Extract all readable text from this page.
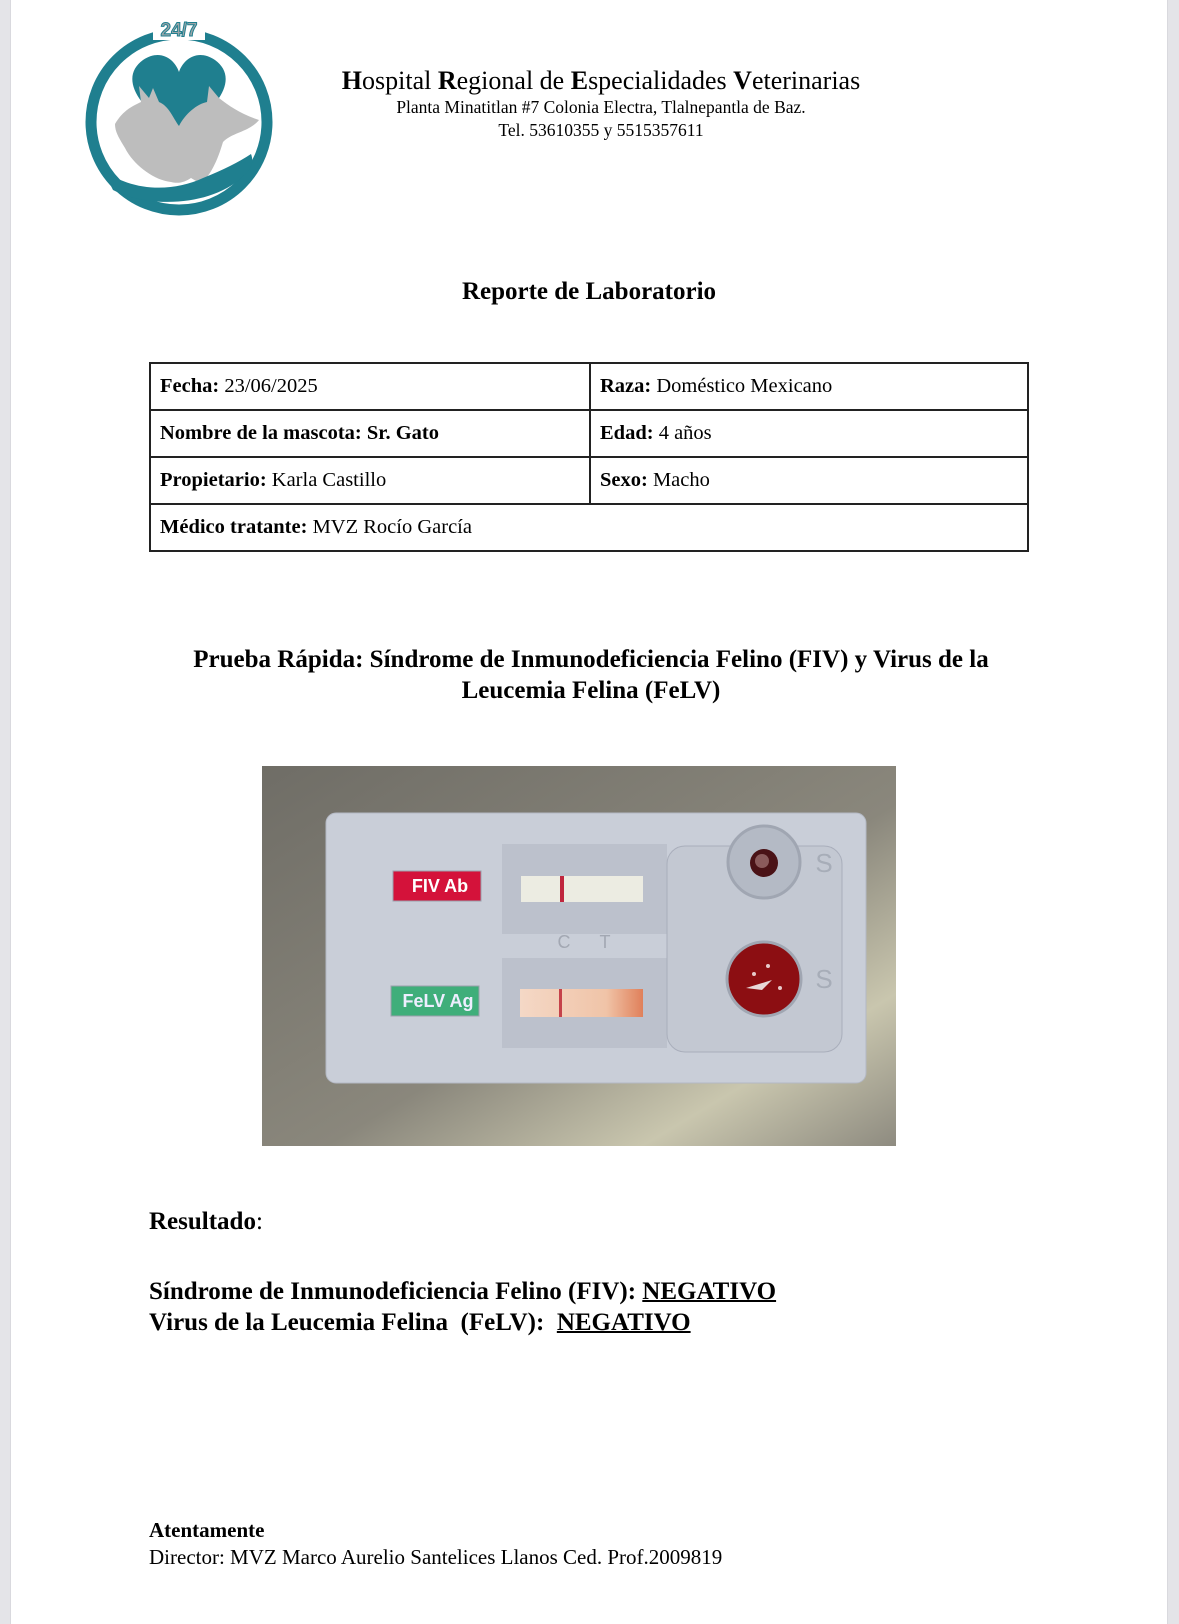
24/7
Hospital Regional de Especialidades Veterinarias
Planta Minatitlan #7 Colonia Electra, Tlalnepantla de Baz.
Tel. 53610355 y 5515357611
Reporte de Laboratorio
Fecha: 23/06/2025	Raza: Doméstico Mexicano
Nombre de la mascota: Sr. Gato	Edad: 4 años
Propietario: Karla Castillo	Sexo: Macho
Médico tratante: MVZ Rocío García	
Prueba Rápida: Síndrome de Inmunodeficiencia Felino (FIV) y Virus de la
Leucemia Felina (FeLV)
FIV Ab
FeLV Ag
C T
S
S
Resultado:
Síndrome de Inmunodeficiencia Felino (FIV): NEGATIVO
Virus de la Leucemia Felina  (FeLV):  NEGATIVO
Atentamente
Director: MVZ Marco Aurelio Santelices Llanos Ced. Prof.2009819
